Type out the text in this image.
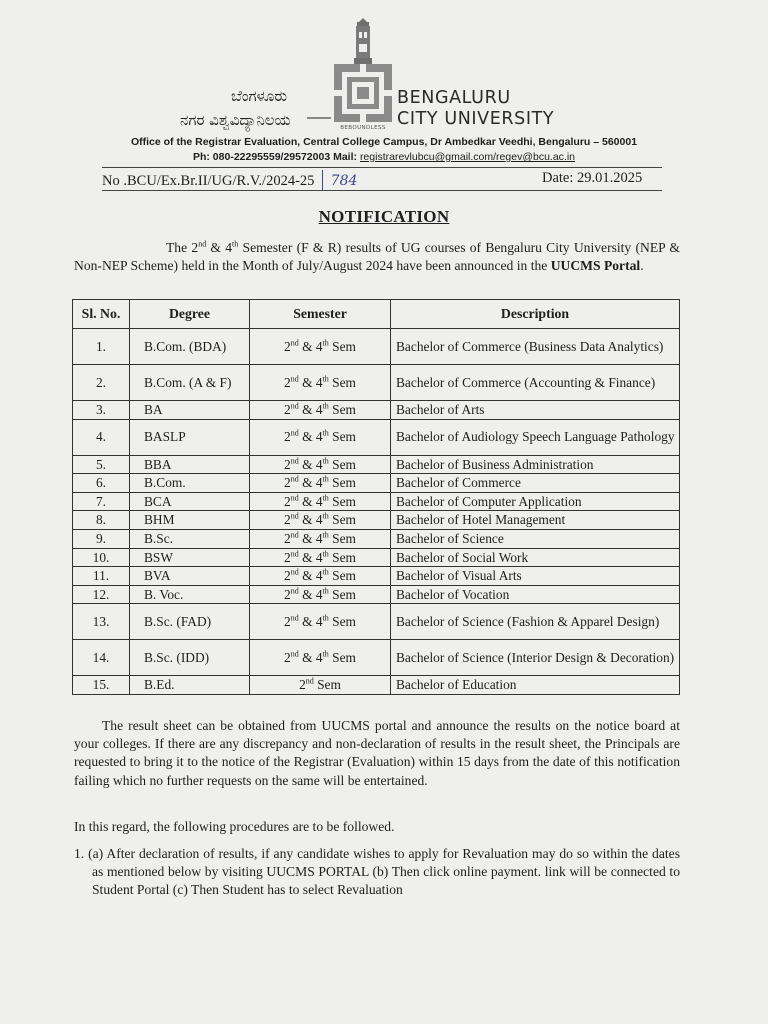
ಬೆಂಗಳೂರು
ನಗರ ವಿಶ್ವವಿದ್ಯಾನಿಲಯ	BEBOUNDLESS
BENGALURU
CITY UNIVERSITY
Office of the Registrar Evaluation, Central College Campus, Dr Ambedkar Veedhi, Bengaluru – 560001
Ph: 080-22295559/29572003 Mail: registrarevlubcu@gmail.com/regev@bcu.ac.in
No .BCU/Ex.Br.II/UG/R.V./2024-25 784	Date: 29.01.2025
NOTIFICATION
The 2nd & 4th Semester (F & R) results of UG courses of Bengaluru City University (NEP & Non-NEP Scheme) held in the Month of July/August 2024 have been announced in the UUCMS Portal.
Sl. No.	Degree	Semester	Description
1.	B.Com. (BDA)	2nd & 4th Sem	Bachelor of Commerce (Business Data Analytics)
2.	B.Com. (A & F)	2nd & 4th Sem	Bachelor of Commerce (Accounting & Finance)
3.	BA	2nd & 4th Sem	Bachelor of Arts
4.	BASLP	2nd & 4th Sem	Bachelor of Audiology Speech Language Pathology
5.	BBA	2nd & 4th Sem	Bachelor of Business Administration
6.	B.Com.	2nd & 4th Sem	Bachelor of Commerce
7.	BCA	2nd & 4th Sem	Bachelor of Computer Application
8.	BHM	2nd & 4th Sem	Bachelor of Hotel Management
9.	B.Sc.	2nd & 4th Sem	Bachelor of Science
10.	BSW	2nd & 4th Sem	Bachelor of Social Work
11.	BVA	2nd & 4th Sem	Bachelor of Visual Arts
12.	B. Voc.	2nd & 4th Sem	Bachelor of Vocation
13.	B.Sc. (FAD)	2nd & 4th Sem	Bachelor of Science (Fashion & Apparel Design)
14.	B.Sc. (IDD)	2nd & 4th Sem	Bachelor of Science (Interior Design & Decoration)
15.	B.Ed.	2nd Sem	Bachelor of Education
The result sheet can be obtained from UUCMS portal and announce the results on the notice board at your colleges. If there are any discrepancy and non-declaration of results in the result sheet, the Principals are requested to bring it to the notice of the Registrar (Evaluation) within 15 days from the date of this notification failing which no further requests on the same will be entertained.
In this regard, the following procedures are to be followed.
1. (a) After declaration of results, if any candidate wishes to apply for Revaluation may do so within the dates as mentioned below by visiting UUCMS PORTAL (b) Then click online payment. link will be connected to Student Portal (c) Then Student has to select Revaluation
